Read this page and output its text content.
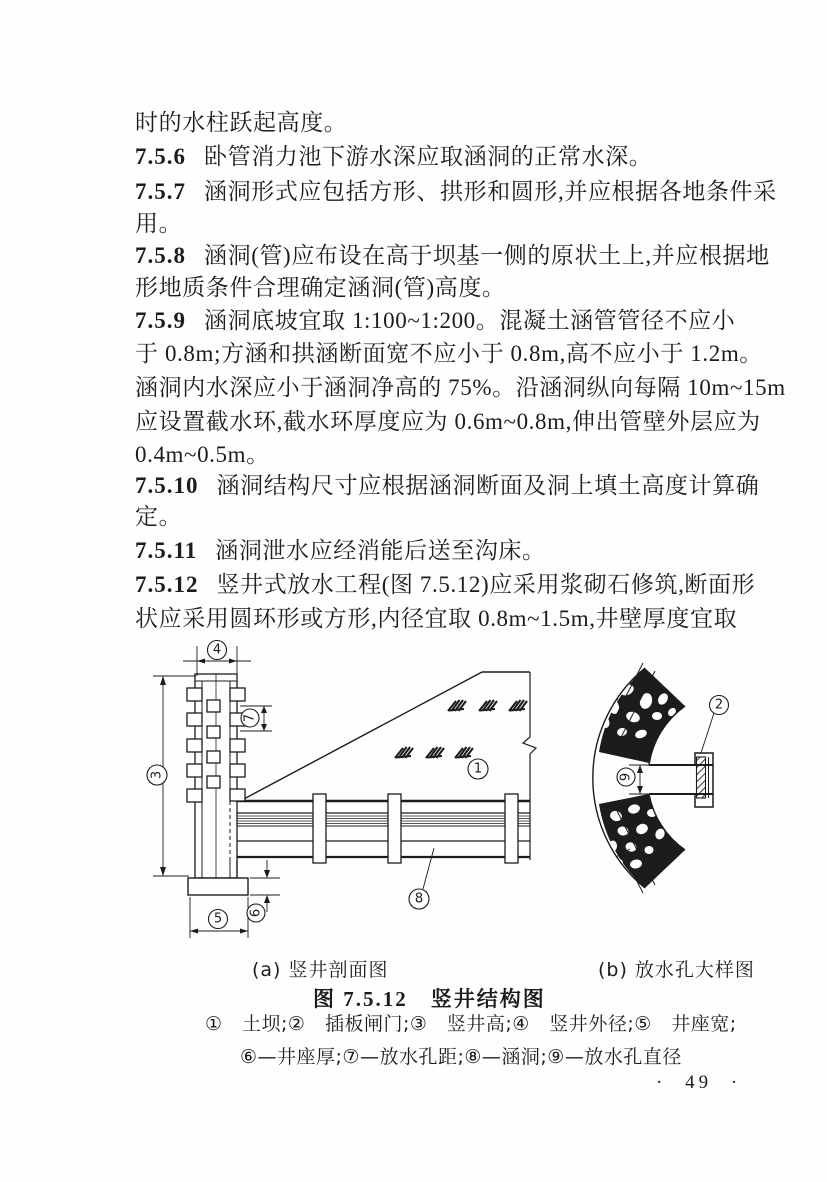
时的水柱跃起高度。
7.5.6 卧管消力池下游水深应取涵洞的正常水深。
7.5.7 涵洞形式应包括方形、拱形和圆形,并应根据各地条件采
用。
7.5.8 涵洞(管)应布设在高于坝基一侧的原状土上,并应根据地
形地质条件合理确定涵洞(管)高度。
7.5.9 涵洞底坡宜取 1:100~1:200。混凝土涵管管径不应小
于 0.8m;方涵和拱涵断面宽不应小于 0.8m,高不应小于 1.2m。
涵洞内水深应小于涵洞净高的 75%。沿涵洞纵向每隔 10m~15m
应设置截水环,截水环厚度应为 0.6m~0.8m,伸出管壁外层应为
0.4m~0.5m。
7.5.10 涵洞结构尺寸应根据涵洞断面及洞上填土高度计算确
定。
7.5.11 涵洞泄水应经消能后送至沟床。
7.5.12 竖井式放水工程(图 7.5.12)应采用浆砌石修筑,断面形
状应采用圆环形或方形,内径宜取 0.8m~1.5m,井壁厚度宜取
4
3
7
5 6
8
1
2
9
(a) 竖井剖面图	(b) 放水孔大样图
图 7.5.12　竖井结构图
①　土坝;②　插板闸门;③　竖井高;④　竖井外径;⑤　井座宽;
⑥—井座厚;⑦—放水孔距;⑧—涵洞;⑨—放水孔直径
· 49 ·
